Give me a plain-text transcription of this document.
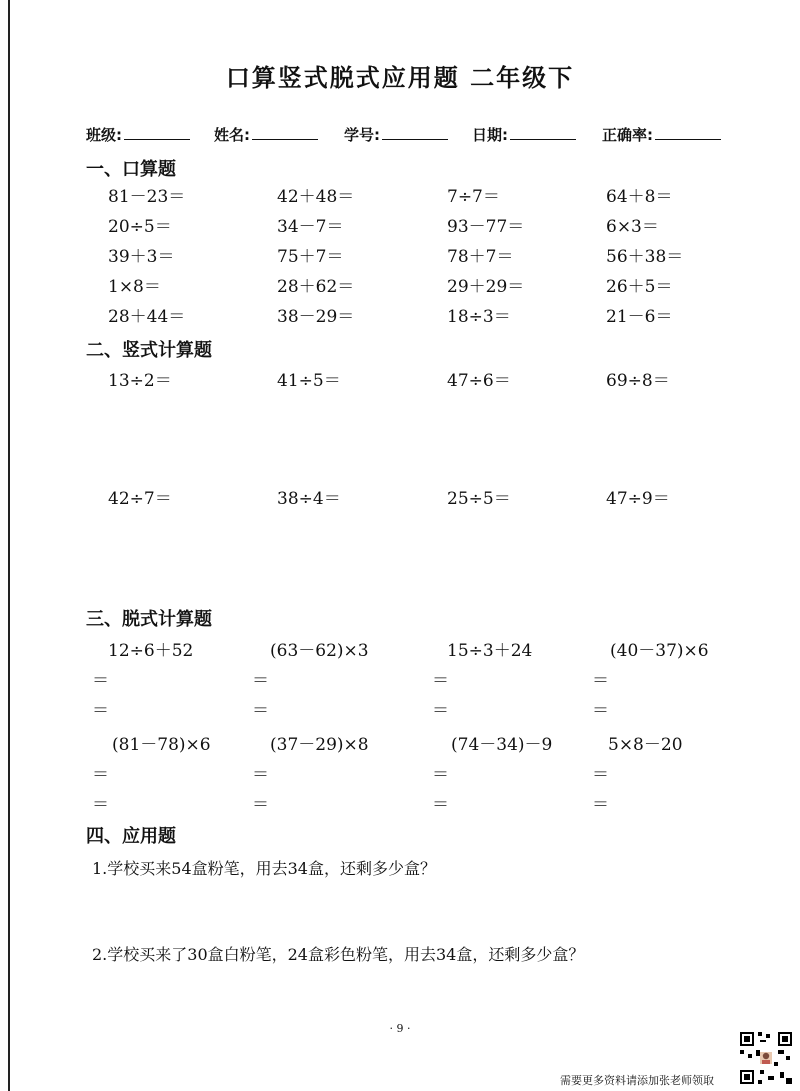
口算竖式脱式应用题 二年级下
班级:	姓名:	学号:	日期:	正确率:
一、口算题
81－23＝	42＋48＝	7÷7＝	64＋8＝
20÷5＝	34－7＝	93－77＝	6×3＝
39＋3＝	75＋7＝	78＋7＝	56＋38＝
1×8＝	28＋62＝	29＋29＝	26＋5＝
28＋44＝	38－29＝	18÷3＝	21－6＝
二、竖式计算题
13÷2＝	41÷5＝	47÷6＝	69÷8＝
42÷7＝	38÷4＝	25÷5＝	47÷9＝
三、脱式计算题
12÷6＋52	(63－62)×3	15÷3＋24	(40－37)×6
＝	＝	＝	＝
＝	＝	＝	＝
(81－78)×6	(37－29)×8	(74－34)－9	5×8－20
＝	＝	＝	＝
＝	＝	＝	＝
四、应用题
1.学校买来54盒粉笔，用去34盒，还剩多少盒？
2.学校买来了30盒白粉笔，24盒彩色粉笔，用去34盒，还剩多少盒？
· 9 ·
需要更多资料请添加张老师领取
